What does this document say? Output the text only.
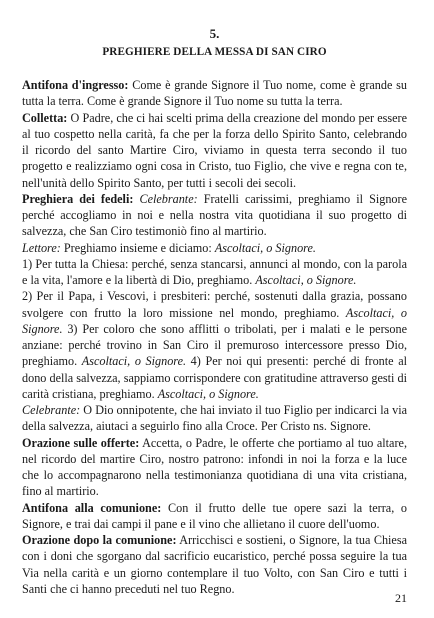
5.
PREGHIERE DELLA MESSA DI SAN CIRO

Antifona d'ingresso: Come è grande Signore il Tuo nome, come è grande su tutta la terra. Come è grande Signore il Tuo nome su tutta la terra.

Colletta: O Padre, che ci hai scelti prima della creazione del mondo per essere al tuo cospetto nella carità, fa che per la forza dello Spirito Santo, celebrando il ricordo del santo Martire Ciro, viviamo in questa terra secondo il tuo progetto e realizziamo ogni cosa in Cristo, tuo Figlio, che vive e regna con te, nell'unità dello Spirito Santo, per tutti i secoli dei secoli.

Preghiera dei fedeli: Celebrante: Fratelli carissimi, preghiamo il Signore perché accogliamo in noi e nella nostra vita quotidiana il suo progetto di salvezza, che San Ciro testimoniò fino al martirio.

Lettore: Preghiamo insieme e diciamo: Ascoltaci, o Signore.
1) Per tutta la Chiesa: perché, senza stancarsi, annunci al mondo, con la parola e la vita, l'amore e la libertà di Dio, preghiamo. Ascoltaci, o Signore.
2) Per il Papa, i Vescovi, i presbiteri: perché, sostenuti dalla grazia, possano svolgere con frutto la loro missione nel mondo, preghiamo. Ascoltaci, o Signore. 3) Per coloro che sono afflitti o tribolati, per i malati e le persone anziane: perché trovino in San Ciro il premuroso intercessore presso Dio, preghiamo. Ascoltaci, o Signore. 4) Per noi qui presenti: perché di fronte al dono della salvezza, sappiamo corrispondere con gratitudine attraverso gesti di carità cristiana, preghiamo. Ascoltaci, o Signore.
Celebrante: O Dio onnipotente, che hai inviato il tuo Figlio per indicarci la via della salvezza, aiutaci a seguirlo fino alla Croce. Per Cristo ns. Signore.

Orazione sulle offerte: Accetta, o Padre, le offerte che portiamo al tuo altare, nel ricordo del martire Ciro, nostro patrono: infondi in noi la forza e la luce che lo accompagnarono nella testimonianza quotidiana di una vita cristiana, fino al martirio.

Antifona alla comunione: Con il frutto delle tue opere sazi la terra, o Signore, e trai dai campi il pane e il vino che allietano il cuore dell'uomo.

Orazione dopo la comunione: Arricchisci e sostieni, o Signore, la tua Chiesa con i doni che sgorgano dal sacrificio eucaristico, perché possa seguire la tua Via nella carità e un giorno contemplare il tuo Volto, con San Ciro e tutti i Santi che ci hanno preceduti nel tuo Regno.

21
